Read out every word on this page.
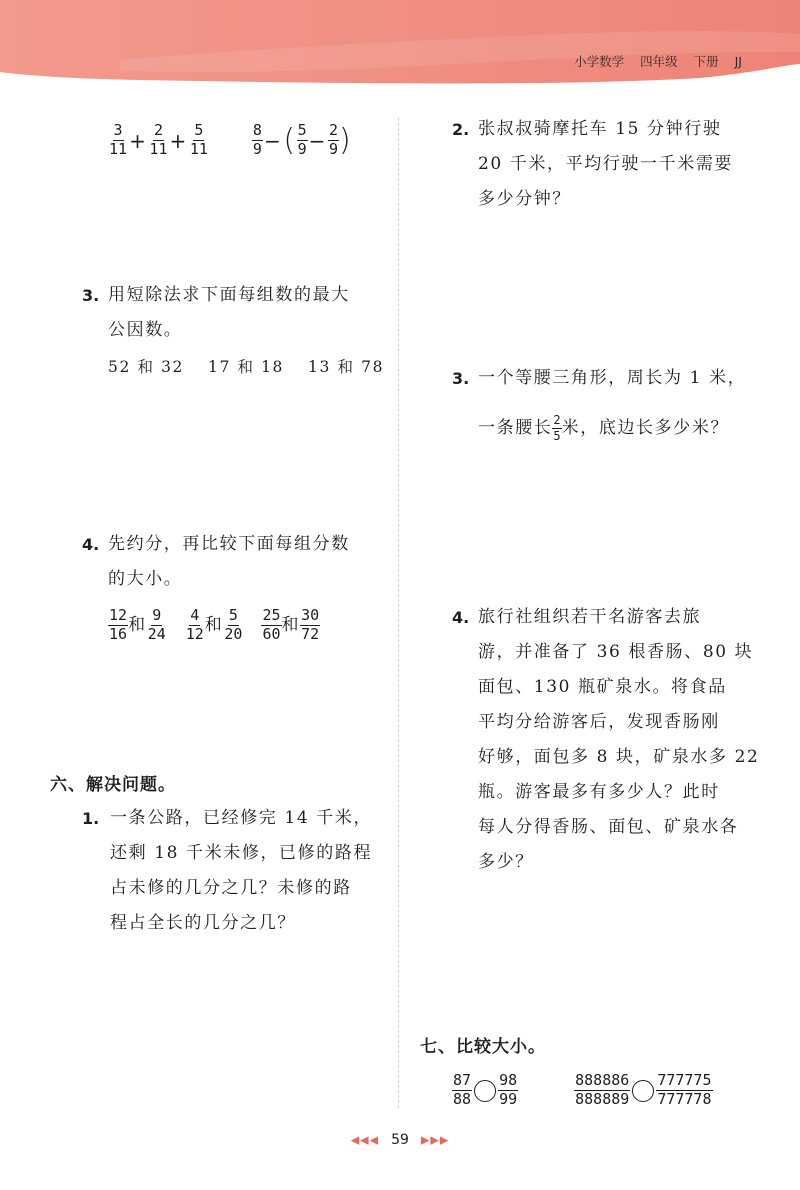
小学数学 四年级 下册 JJ
$\frac{3}{11} + \frac{2}{11} + \frac{5}{11}$
	$\frac{8}{9}$ −( $\frac{5}{9} - \frac{2}{9}$ )
3. 用短除法求下面每组数的最大
公因数。
52 和 32 17 和 18 13 和 78
4. 先约分，再比较下面每组分数
的大小。
$\frac{12}{16}$ 和 $\frac{9}{24} \frac{4}{12}$ 和 $\frac{5}{20} \frac{25}{60}$ 和 $\frac{30}{72}$
六、解决问题。
1. 一条公路，已经修完 14 千米，
还剩 18 千米未修，已修的路程
占未修的几分之几？未修的路
程占全长的几分之几？
2. 张叔叔骑摩托车 15 分钟行驶
20 千米，平均行驶一千米需要
多少分钟？
3. 一个等腰三角形，周长为 1 米，
一条腰长 $\frac{2}{5}$ 米，底边长多少米？
4. 旅行社组织若干名游客去旅
游，并准备了 36 根香肠、80 块
面包、130 瓶矿泉水。将食品
平均分给游客后，发现香肠刚
好够，面包多 8 块，矿泉水多 22
瓶。游客最多有多少人？此时
每人分得香肠、面包、矿泉水各
多少？
七、比较大小。
$\frac{87}{88} \frac{98}{99}$	$\frac{888886}{888889} \frac{777775}{777778}$
◀◀◀ 59 ▶▶▶
